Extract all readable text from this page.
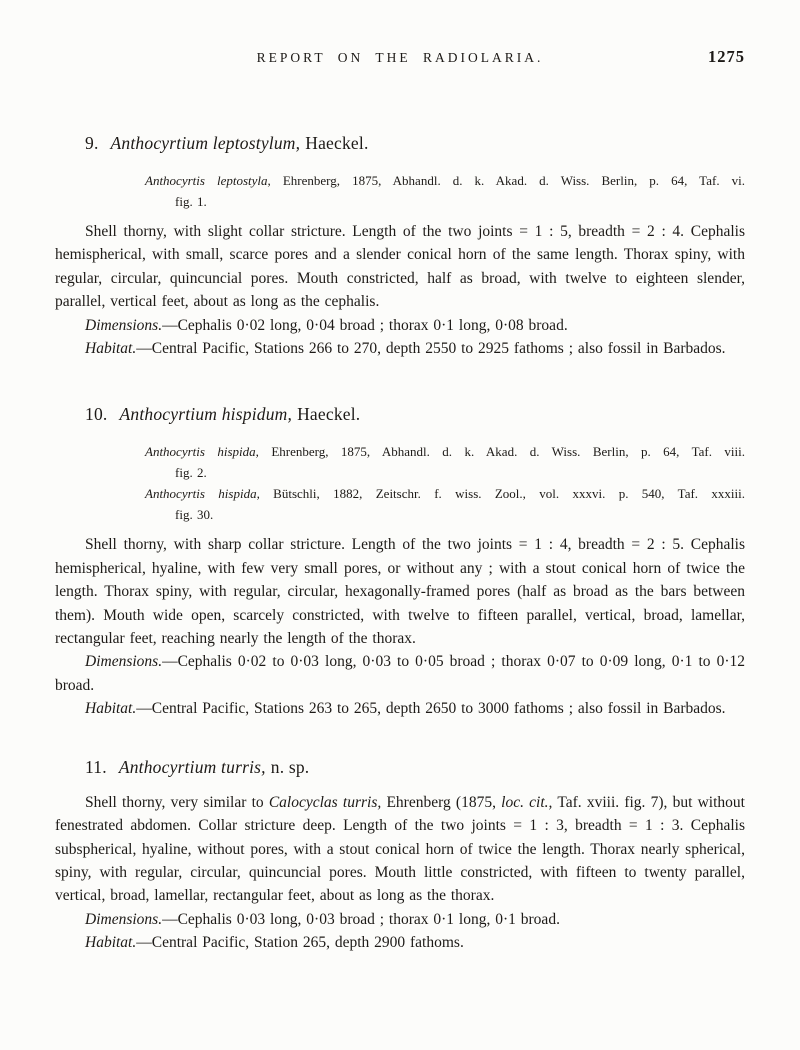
REPORT ON THE RADIOLARIA.	1275
9. Anthocyrtium leptostylum, Haeckel.
Anthocyrtis leptostyla, Ehrenberg, 1875, Abhandl. d. k. Akad. d. Wiss. Berlin, p. 64, Taf. vi.
fig. 1.

Shell thorny, with slight collar stricture. Length of the two joints = 1 : 5, breadth = 2 : 4. Cephalis hemispherical, with small, scarce pores and a slender conical horn of the same length. Thorax spiny, with regular, circular, quincuncial pores. Mouth constricted, half as broad, with twelve to eighteen slender, parallel, vertical feet, about as long as the cephalis.

Dimensions.—Cephalis 0·02 long, 0·04 broad ; thorax 0·1 long, 0·08 broad.

Habitat.—Central Pacific, Stations 266 to 270, depth 2550 to 2925 fathoms ; also fossil in Barbados.

10. Anthocyrtium hispidum, Haeckel.
Anthocyrtis hispida, Ehrenberg, 1875, Abhandl. d. k. Akad. d. Wiss. Berlin, p. 64, Taf. viii.
fig. 2.
Anthocyrtis hispida, Bütschli, 1882, Zeitschr. f. wiss. Zool., vol. xxxvi. p. 540, Taf. xxxiii.
fig. 30.

Shell thorny, with sharp collar stricture. Length of the two joints = 1 : 4, breadth = 2 : 5. Cephalis hemispherical, hyaline, with few very small pores, or without any ; with a stout conical horn of twice the length. Thorax spiny, with regular, circular, hexagonally-framed pores (half as broad as the bars between them). Mouth wide open, scarcely constricted, with twelve to fifteen parallel, vertical, broad, lamellar, rectangular feet, reaching nearly the length of the thorax.

Dimensions.—Cephalis 0·02 to 0·03 long, 0·03 to 0·05 broad ; thorax 0·07 to 0·09 long, 0·1 to 0·12 broad.

Habitat.—Central Pacific, Stations 263 to 265, depth 2650 to 3000 fathoms ; also fossil in Barbados.

11. Anthocyrtium turris, n. sp.

Shell thorny, very similar to Calocyclas turris, Ehrenberg (1875, loc. cit., Taf. xviii. fig. 7), but without fenestrated abdomen. Collar stricture deep. Length of the two joints = 1 : 3, breadth = 1 : 3. Cephalis subspherical, hyaline, without pores, with a stout conical horn of twice the length. Thorax nearly spherical, spiny, with regular, circular, quincuncial pores. Mouth little constricted, with fifteen to twenty parallel, vertical, broad, lamellar, rectangular feet, about as long as the thorax.

Dimensions.—Cephalis 0·03 long, 0·03 broad ; thorax 0·1 long, 0·1 broad.

Habitat.—Central Pacific, Station 265, depth 2900 fathoms.
